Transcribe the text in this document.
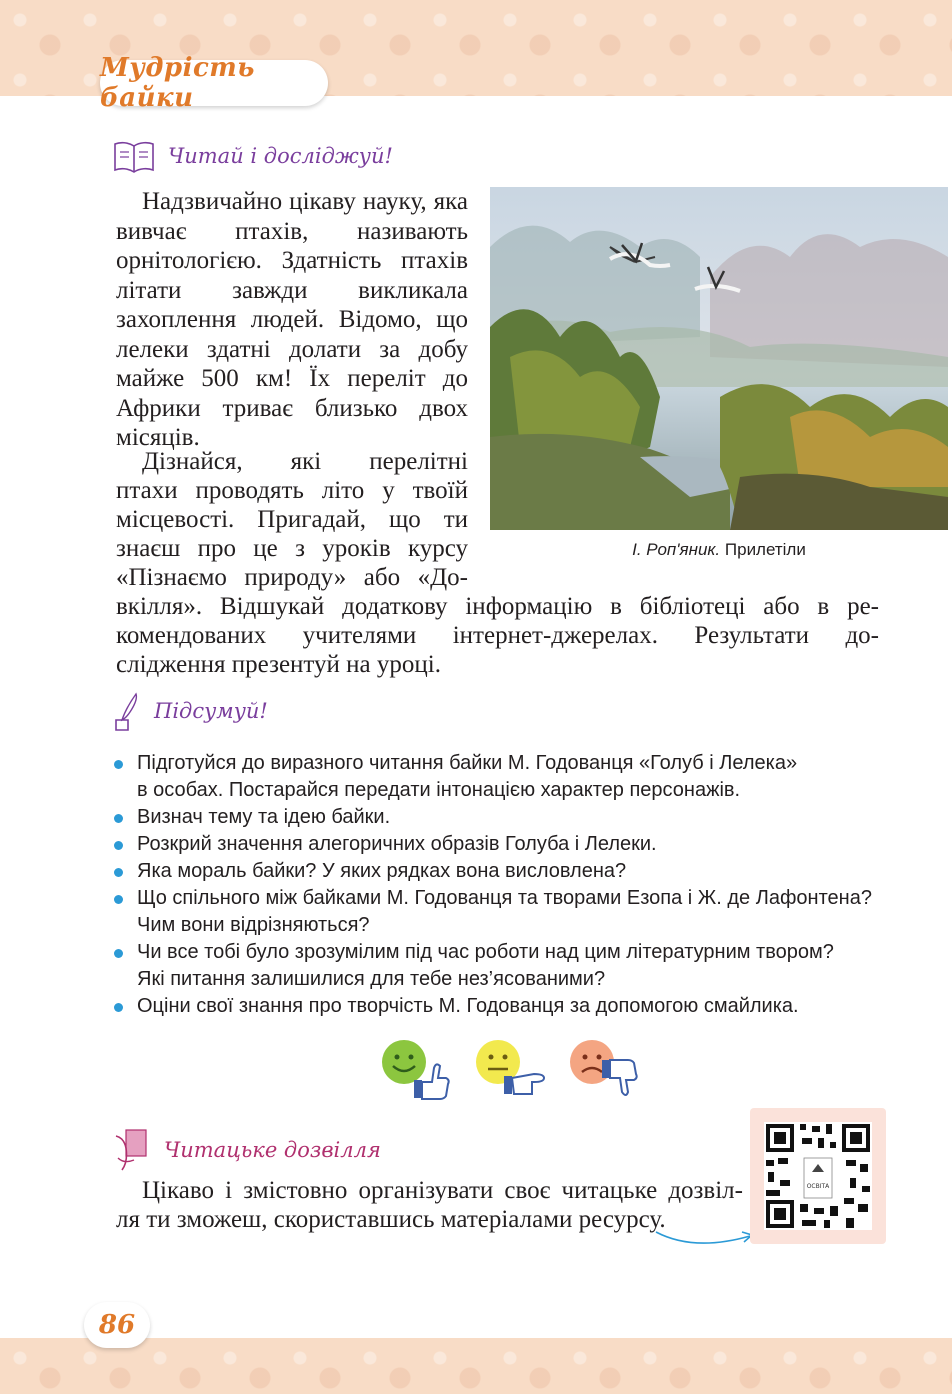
Мудрість байки
Читай і досліджуй!

Надзвичайно цікаву науку, яка вивчає птахів, називають орнітологією. Здатність птахів літати завжди викликала захоплення людей. Відомо, що лелеки здатні долати за добу майже 500 км! Їх переліт до Африки триває близько двох місяців.

Дізнайся, які перелітні
птахи проводять літо у твоїй
місцевості. Пригадай, що ти
знаєш про це з уроків курсу
«Пізнаємо природу» або «До-
вкілля». Відшукай додаткову інформацію в бібліотеці або в ре-
комендованих учителями інтернет-джерелах. Результати до-
слідження презентуй на уроці.
І. Роп'яник. Прилетіли
Підсумуй!
Підготуйся до виразного читання байки М. Годованця «Голуб і Лелека»
в особах. Постарайся передати інтонацією характер персонажів.
Визнач тему та ідею байки.
Розкрий значення алегоричних образів Голуба і Лелеки.
Яка мораль байки? У яких рядках вона висловлена?
Що спільного між байками М. Годованця та творами Езопа і Ж. де Лафонтена?
Чим вони відрізняються?
Чи все тобі було зрозумілим під час роботи над цим літературним твором?
Які питання залишилися для тебе нез’ясованими?
Оціни свої знання про творчість М. Годованця за допомогою смайлика.
Читацьке дозвілля
Цікаво і змістовно організувати своє читацьке дозвіл-
ля ти зможеш, скориставшись матеріалами ресурсу.
ОСВІТА
86
